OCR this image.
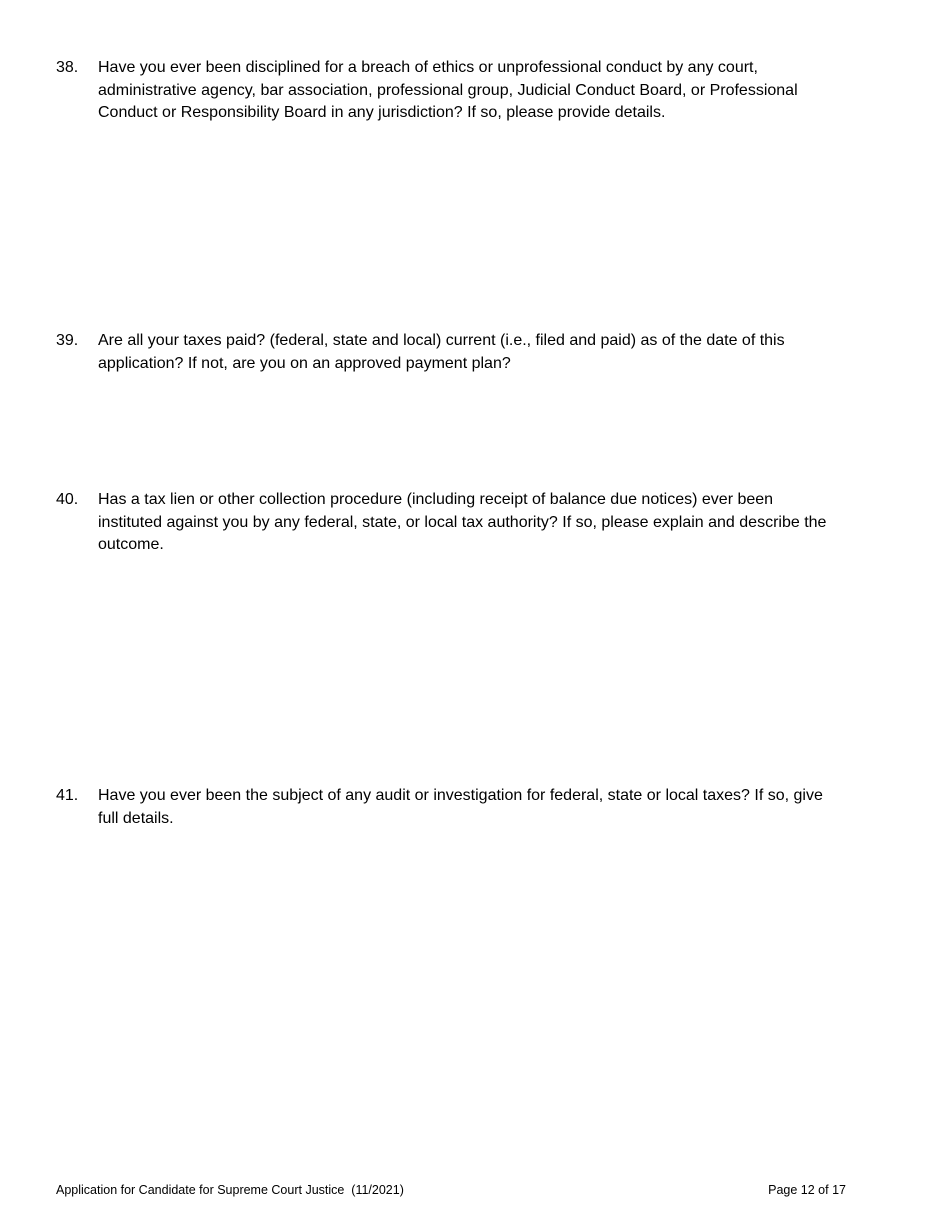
38.	Have you ever been disciplined for a breach of ethics or unprofessional conduct by any court,
administrative agency, bar association, professional group, Judicial Conduct Board, or Professional
Conduct or Responsibility Board in any jurisdiction? If so, please provide details.
39.	Are all your taxes paid? (federal, state and local) current (i.e., filed and paid) as of the date of this
application? If not, are you on an approved payment plan?
40.	Has a tax lien or other collection procedure (including receipt of balance due notices) ever been
instituted against you by any federal, state, or local tax authority? If so, please explain and describe the
outcome.
41.	Have you ever been the subject of any audit or investigation for federal, state or local taxes? If so, give
full details.
Application for Candidate for Supreme Court Justice  (11/2021)	Page 12 of 17
